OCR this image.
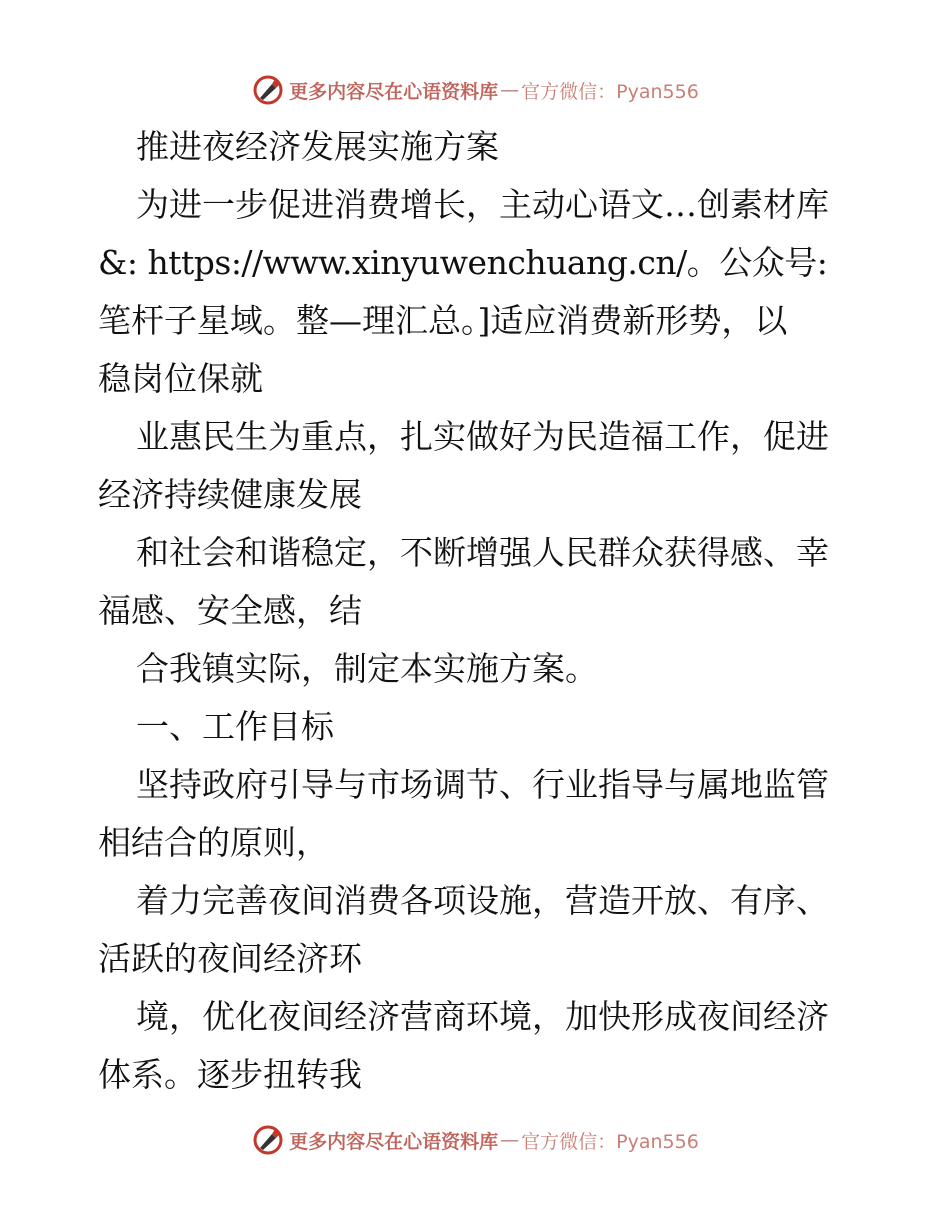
更多内容尽在心语资料库 — 官方微信：Pyan556

推进夜经济发展实施方案

为进一步促进消费增长，主动心语文…创素材库

&: https://www.xinyuwenchuang.cn/。公众号:

笔杆子星域。整—理汇总。]适应消费新形势，以

稳岗位保就

业惠民生为重点，扎实做好为民造福工作，促进

经济持续健康发展

和社会和谐稳定，不断增强人民群众获得感、幸

福感、安全感，结

合我镇实际，制定本实施方案。

一、工作目标

坚持政府引导与市场调节、行业指导与属地监管

相结合的原则，

着力完善夜间消费各项设施，营造开放、有序、

活跃的夜间经济环

境，优化夜间经济营商环境，加快形成夜间经济

体系。逐步扭转我

更多内容尽在心语资料库 — 官方微信：Pyan556
